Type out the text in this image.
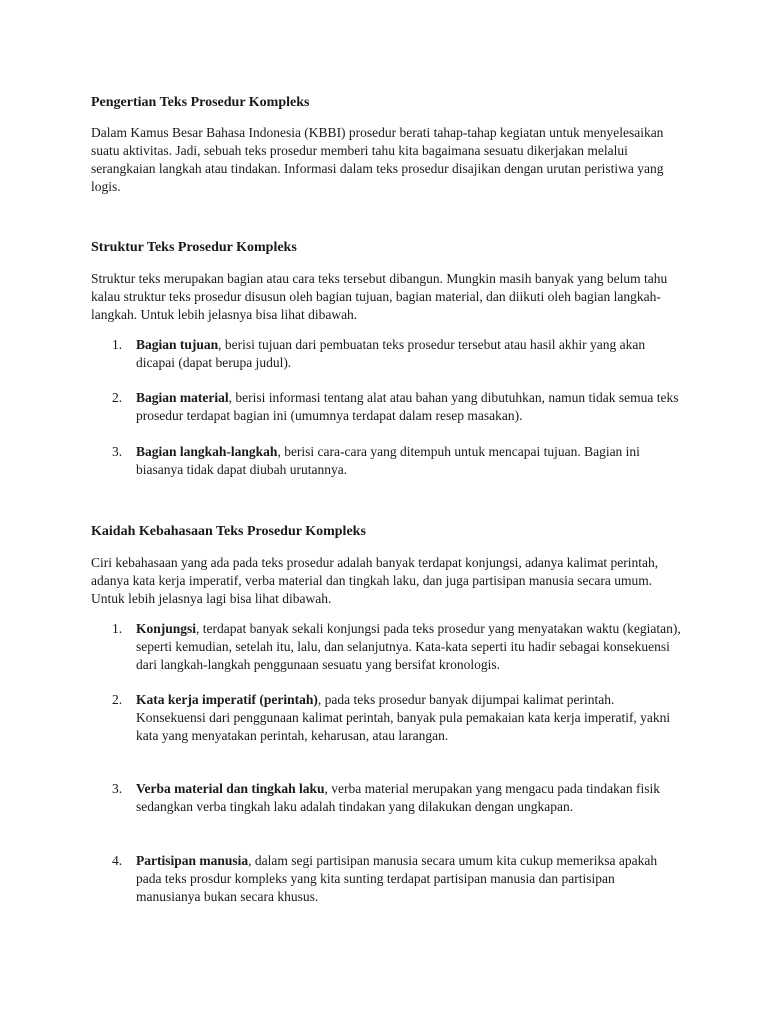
Pengertian Teks Prosedur Kompleks

Dalam Kamus Besar Bahasa Indonesia (KBBI) prosedur berati tahap-tahap kegiatan untuk menyelesaikan suatu aktivitas. Jadi, sebuah teks prosedur memberi tahu kita bagaimana sesuatu dikerjakan melalui serangkaian langkah atau tindakan. Informasi dalam teks prosedur disajikan dengan urutan peristiwa yang logis.

Struktur Teks Prosedur Kompleks

Struktur teks merupakan bagian atau cara teks tersebut dibangun. Mungkin masih banyak yang belum tahu kalau struktur teks prosedur disusun oleh bagian tujuan, bagian material, dan diikuti oleh bagian langkah-langkah. Untuk lebih jelasnya bisa lihat dibawah.

1.	Bagian tujuan, berisi tujuan dari pembuatan teks prosedur tersebut atau hasil akhir yang akan dicapai (dapat berupa judul).
2.	Bagian material, berisi informasi tentang alat atau bahan yang dibutuhkan, namun tidak semua teks prosedur terdapat bagian ini (umumnya terdapat dalam resep masakan).
3.	Bagian langkah-langkah, berisi cara-cara yang ditempuh untuk mencapai tujuan. Bagian ini biasanya tidak dapat diubah urutannya.
Kaidah Kebahasaan Teks Prosedur Kompleks

Ciri kebahasaan yang ada pada teks prosedur adalah banyak terdapat konjungsi, adanya kalimat perintah, adanya kata kerja imperatif, verba material dan tingkah laku, dan juga partisipan manusia secara umum. Untuk lebih jelasnya lagi bisa lihat dibawah.

1.	Konjungsi, terdapat banyak sekali konjungsi pada teks prosedur yang menyatakan waktu (kegiatan), seperti kemudian, setelah itu, lalu, dan selanjutnya. Kata-kata seperti itu hadir sebagai konsekuensi dari langkah-langkah penggunaan sesuatu yang bersifat kronologis.
2.	Kata kerja imperatif (perintah), pada teks prosedur banyak dijumpai kalimat perintah. Konsekuensi dari penggunaan kalimat perintah, banyak pula pemakaian kata kerja imperatif, yakni kata yang menyatakan perintah, keharusan, atau larangan.
3.	Verba material dan tingkah laku, verba material merupakan yang mengacu pada tindakan fisik sedangkan verba tingkah laku adalah tindakan yang dilakukan dengan ungkapan.
4.	Partisipan manusia, dalam segi partisipan manusia secara umum kita cukup memeriksa apakah pada teks prosdur kompleks yang kita sunting terdapat partisipan manusia dan partisipan manusianya bukan secara khusus.
